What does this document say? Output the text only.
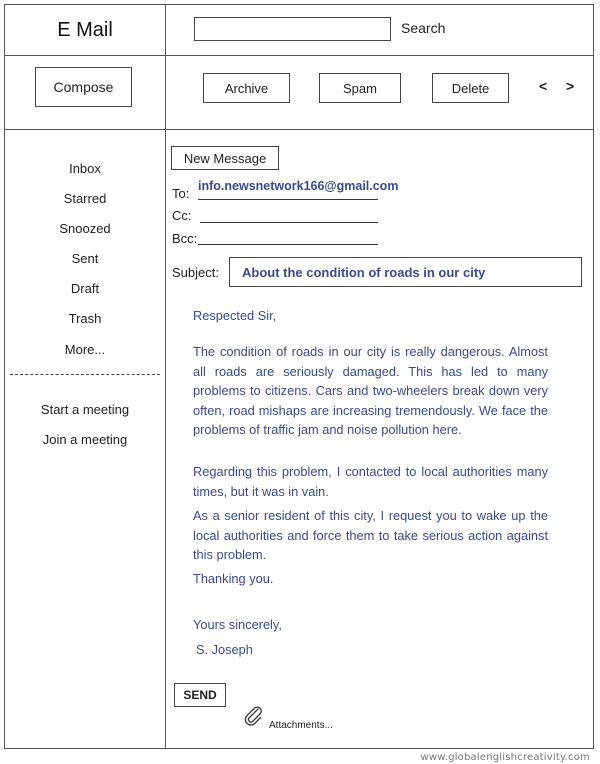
E Mail	Search
Compose	Archive	Spam	Delete	< >
Inbox
Starred
Snoozed
Sent
Draft
Trash
More...
Start a meeting
Join a meeting
New Message
To: info.newsnetwork166@gmail.com
Cc:
Bcc:
Subject:	About the condition of roads in our city

Respected Sir,

The condition of roads in our city is really dangerous. Almost all roads are seriously damaged. This has led to many problems to citizens. Cars and two-wheelers break down very often, road mishaps are increasing tremendously. We face the problems of traffic jam and noise pollution here.

Regarding this problem, I contacted to local authorities many times, but it was in vain.

As a senior resident of this city, I request you to wake up the local authorities and force them to take serious action against this problem.

Thanking you.

Yours sincerely,

S. Joseph

SEND
Attachments...
www.globalenglishcreativity.com
